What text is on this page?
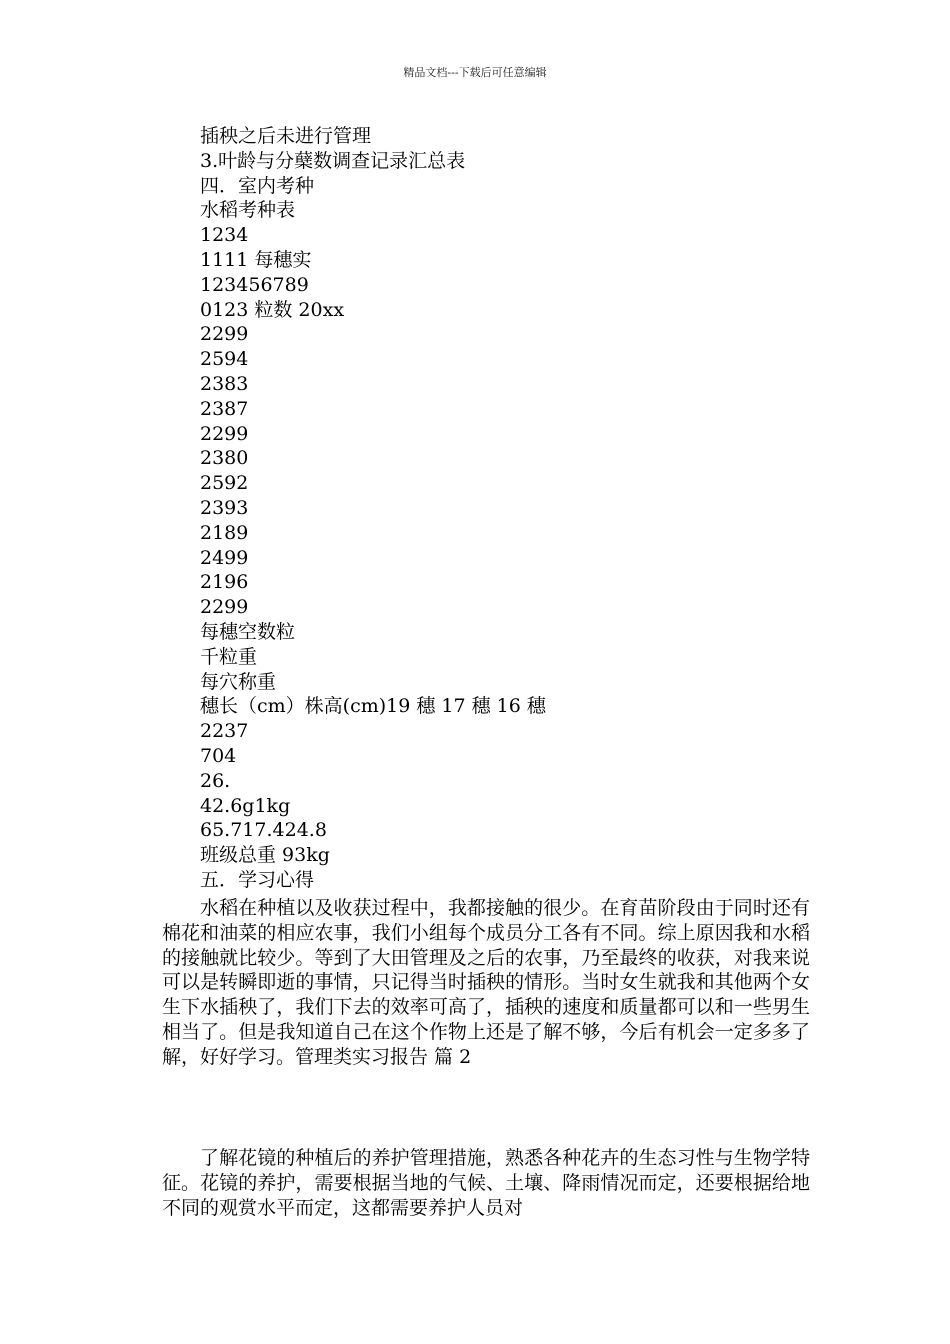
精品文档---下载后可任意编辑
插秧之后未进行管理
3.叶龄与分蘖数调查记录汇总表
四．室内考种
水稻考种表
1234
1111 每穗实
123456789
0123 粒数 20xx
2299
2594
2383
2387
2299
2380
2592
2393
2189
2499
2196
2299
每穗空数粒
千粒重
每穴称重
穗长（cm）株高(cm)19 穗 17 穗 16 穗
2237
704
26.
42.6g1kg
65.717.424.8
班级总重 93kg
五．学习心得

水稻在种植以及收获过程中，我都接触的很少。在育苗阶段由于同时还有棉花和油菜的相应农事，我们小组每个成员分工各有不同。综上原因我和水稻的接触就比较少。等到了大田管理及之后的农事，乃至最终的收获，对我来说可以是转瞬即逝的事情，只记得当时插秧的情形。当时女生就我和其他两个女生下水插秧了，我们下去的效率可高了，插秧的速度和质量都可以和一些男生相当了。但是我知道自己在这个作物上还是了解不够，今后有机会一定多多了解，好好学习。管理类实习报告 篇 2

了解花镜的种植后的养护管理措施，熟悉各种花卉的生态习性与生物学特征。花镜的养护，需要根据当地的气候、土壤、降雨情况而定，还要根据给地不同的观赏水平而定，这都需要养护人员对
